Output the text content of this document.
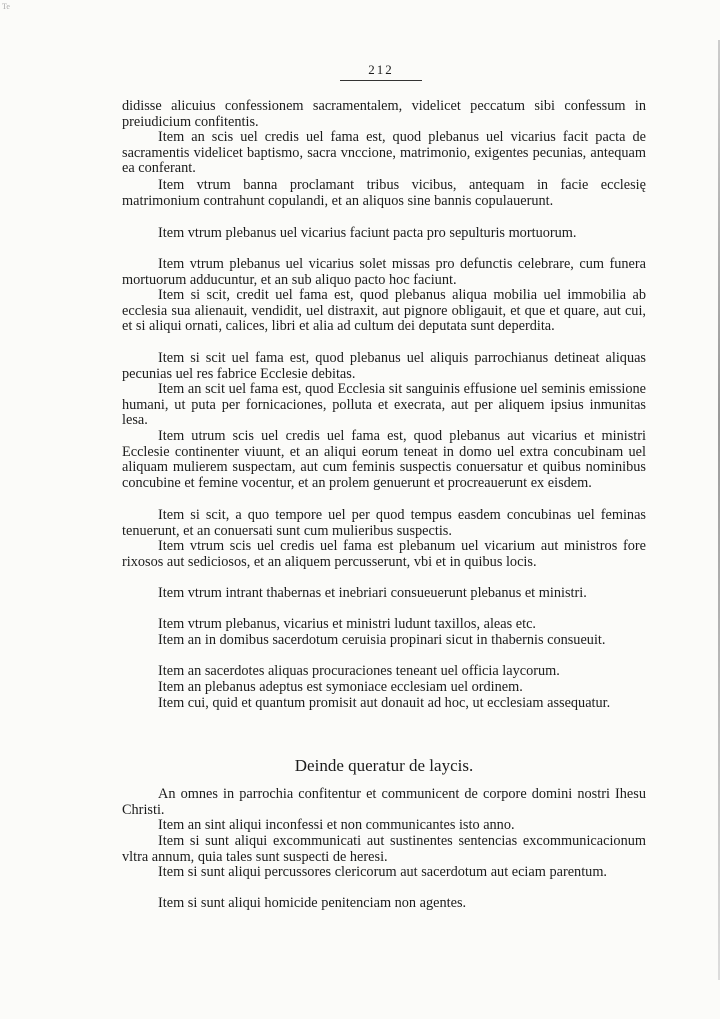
Te
212

didisse alicuius confessionem sacramentalem, videlicet peccatum sibi confessum in preiudicium confitentis.

Item an scis uel credis uel fama est, quod plebanus uel vicarius facit pacta de sacramentis videlicet baptismo, sacra vnccione, matrimonio, exigentes pecunias, antequam ea conferant.

Item vtrum banna proclamant tribus vicibus, antequam in facie ecclesię matrimonium contrahunt copulandi, et an aliquos sine bannis copulauerunt.

Item vtrum plebanus uel vicarius faciunt pacta pro sepulturis mortuorum.

Item vtrum plebanus uel vicarius solet missas pro defunctis celebrare, cum funera mortuorum adducuntur, et an sub aliquo pacto hoc faciunt.

Item si scit, credit uel fama est, quod plebanus aliqua mobilia uel immobilia ab ecclesia sua alienauit, vendidit, uel distraxit, aut pignore obligauit, et que et quare, aut cui, et si aliqui ornati, calices, libri et alia ad cultum dei deputata sunt deperdita.

Item si scit uel fama est, quod plebanus uel aliquis parrochianus detineat aliquas pecunias uel res fabrice Ecclesie debitas.

Item an scit uel fama est, quod Ecclesia sit sanguinis effusione uel seminis emissione humani, ut puta per fornicaciones, polluta et execrata, aut per aliquem ipsius inmunitas lesa.

Item utrum scis uel credis uel fama est, quod plebanus aut vicarius et ministri Ecclesie continenter viuunt, et an aliqui eorum teneat in domo uel extra concubinam uel aliquam mulierem suspectam, aut cum feminis suspectis conuersatur et quibus nominibus concubine et femine vocentur, et an prolem genuerunt et procreauerunt ex eisdem.

Item si scit, a quo tempore uel per quod tempus easdem concubinas uel feminas tenuerunt, et an conuersati sunt cum mulieribus suspectis.

Item vtrum scis uel credis uel fama est plebanum uel vicarium aut ministros fore rixosos aut sediciosos, et an aliquem percusserunt, vbi et in quibus locis.

Item vtrum intrant thabernas et inebriari consueuerunt plebanus et ministri.

Item vtrum plebanus, vicarius et ministri ludunt taxillos, aleas etc.

Item an in domibus sacerdotum ceruisia propinari sicut in thabernis consueuit.

Item an sacerdotes aliquas procuraciones teneant uel officia laycorum.

Item an plebanus adeptus est symoniace ecclesiam uel ordinem.

Item cui, quid et quantum promisit aut donauit ad hoc, ut ecclesiam assequatur.

Deinde queratur de laycis.

An omnes in parrochia confitentur et communicent de corpore domini nostri Ihesu Christi.

Item an sint aliqui inconfessi et non communicantes isto anno.

Item si sunt aliqui excommunicati aut sustinentes sentencias excommunicacionum vltra annum, quia tales sunt suspecti de heresi.

Item si sunt aliqui percussores clericorum aut sacerdotum aut eciam parentum.

Item si sunt aliqui homicide penitenciam non agentes.
